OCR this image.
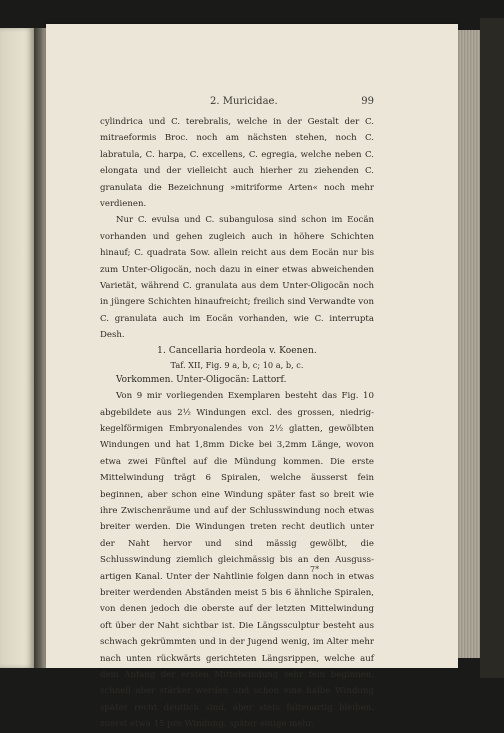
2. Muricidae.	99

cylindrica und C. terebralis, welche in der Gestalt der C. mitraeformis Broc. noch am nächsten stehen, noch C. labratula, C. harpa, C. excellens, C. egregia, welche neben C. elongata und der vielleicht auch hierher zu ziehenden C. granulata die Bezeichnung »mitriforme Arten« noch mehr verdienen.

Nur C. evulsa und C. subangulosa sind schon im Eocän vorhanden und gehen zugleich auch in höhere Schichten hinauf; C. quadrata Sow. allein reicht aus dem Eocän nur bis zum Unter-Oligocän, noch dazu in einer etwas abweichenden Varietät, während C. granulata aus dem Unter-Oligocän noch in jüngere Schichten hinaufreicht; freilich sind Verwandte von C. granulata auch im Eocän vorhanden, wie C. interrupta Desh.

1. Cancellaria hordeola v. Koenen.

Taf. XII, Fig. 9 a, b, c; 10 a, b, c.

Vorkommen. Unter-Oligocän: Lattorf.

Von 9 mir vorliegenden Exemplaren besteht das Fig. 10 abgebildete aus 2½ Windungen excl. des grossen, niedrig-kegelförmigen Embryonalendes von 2½ glatten, gewölbten Windungen und hat 1,8mm Dicke bei 3,2mm Länge, wovon etwa zwei Fünftel auf die Mündung kommen. Die erste Mittelwindung trägt 6 Spiralen, welche äusserst fein beginnen, aber schon eine Windung später fast so breit wie ihre Zwischenräume und auf der Schlusswindung noch etwas breiter werden. Die Windungen treten recht deutlich unter der Naht hervor und sind mässig gewölbt, die Schlusswindung ziemlich gleichmässig bis an den Ausguss-artigen Kanal. Unter der Nahtlinie folgen dann noch in etwas breiter werdenden Abständen meist 5 bis 6 ähnliche Spiralen, von denen jedoch die oberste auf der letzten Mittelwindung oft über der Naht sichtbar ist. Die Längssculptur besteht aus schwach gekrümmten und in der Jugend wenig, im Alter mehr nach unten rückwärts gerichteten Längsrippen, welche auf dem Anfang der ersten Mittelwindung sehr fein beginnen, schnell aber stärker werden und schon eine halbe Windung später recht deutlich sind, aber stets faltenartig bleiben, zuerst etwa 15 pro Windung, später einige mehr;

7*
